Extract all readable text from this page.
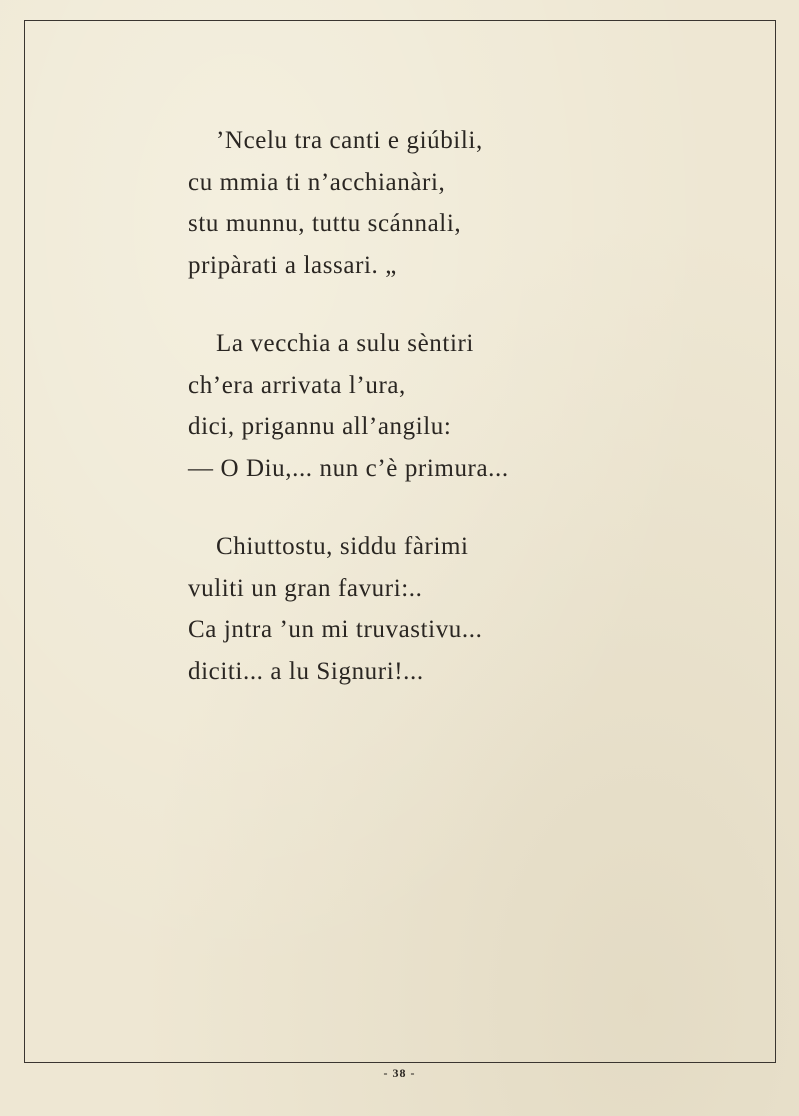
’Ncelu tra canti e giúbili,
cu mmia ti n’acchianàri,
stu munnu, tuttu scánnali,
pripàrati a lassari. „
La vecchia a sulu sèntiri
ch’era arrivata l’ura,
dici, prigannu all’angilu:
— O Diu,... nun c’è primura...
Chiuttostu, siddu fàrimi
vuliti un gran favuri:..
Ca jntra ’un mi truvastivu...
diciti... a lu Signuri!...
- 38 -
